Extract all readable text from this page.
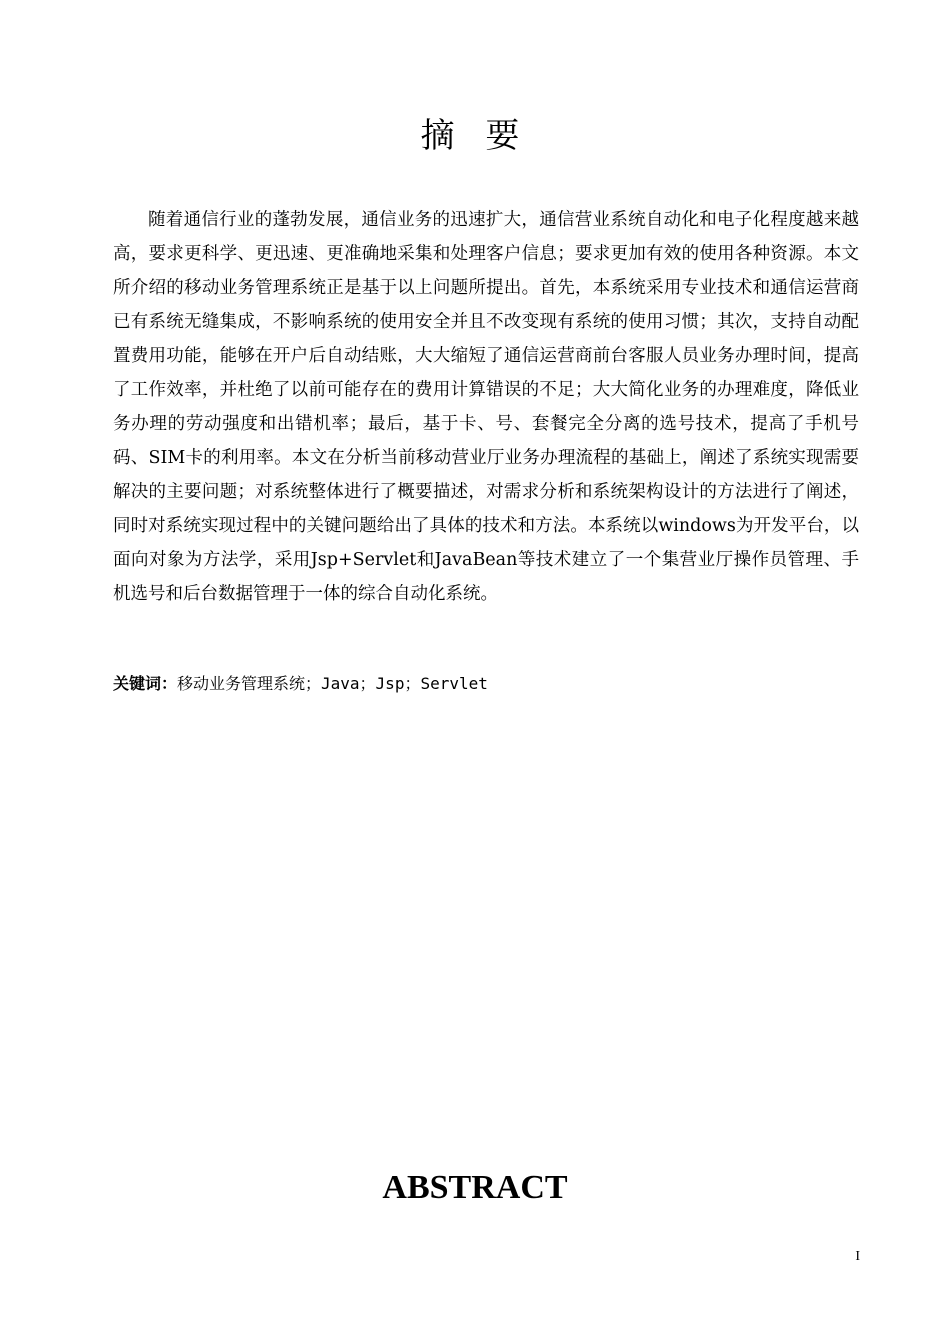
摘 要

随着通信行业的蓬勃发展，通信业务的迅速扩大，通信营业系统自动化和电子化程度越来越高，要求更科学、更迅速、更准确地采集和处理客户信息；要求更加有效的使用各种资源。本文所介绍的移动业务管理系统正是基于以上问题所提出。首先，本系统采用专业技术和通信运营商已有系统无缝集成，不影响系统的使用安全并且不改变现有系统的使用习惯；其次，支持自动配置费用功能，能够在开户后自动结账，大大缩短了通信运营商前台客服人员业务办理时间，提高了工作效率，并杜绝了以前可能存在的费用计算错误的不足；大大简化业务的办理难度，降低业务办理的劳动强度和出错机率；最后，基于卡、号、套餐完全分离的选号技术，提高了手机号码、SIM卡的利用率。本文在分析当前移动营业厅业务办理流程的基础上，阐述了系统实现需要解决的主要问题；对系统整体进行了概要描述，对需求分析和系统架构设计的方法进行了阐述，同时对系统实现过程中的关键问题给出了具体的技术和方法。本系统以windows为开发平台，以面向对象为方法学，采用Jsp+Servlet和JavaBean等技术建立了一个集营业厅操作员管理、手机选号和后台数据管理于一体的综合自动化系统。

关键词：移动业务管理系统；Java；Jsp；Servlet
ABSTRACT
I
